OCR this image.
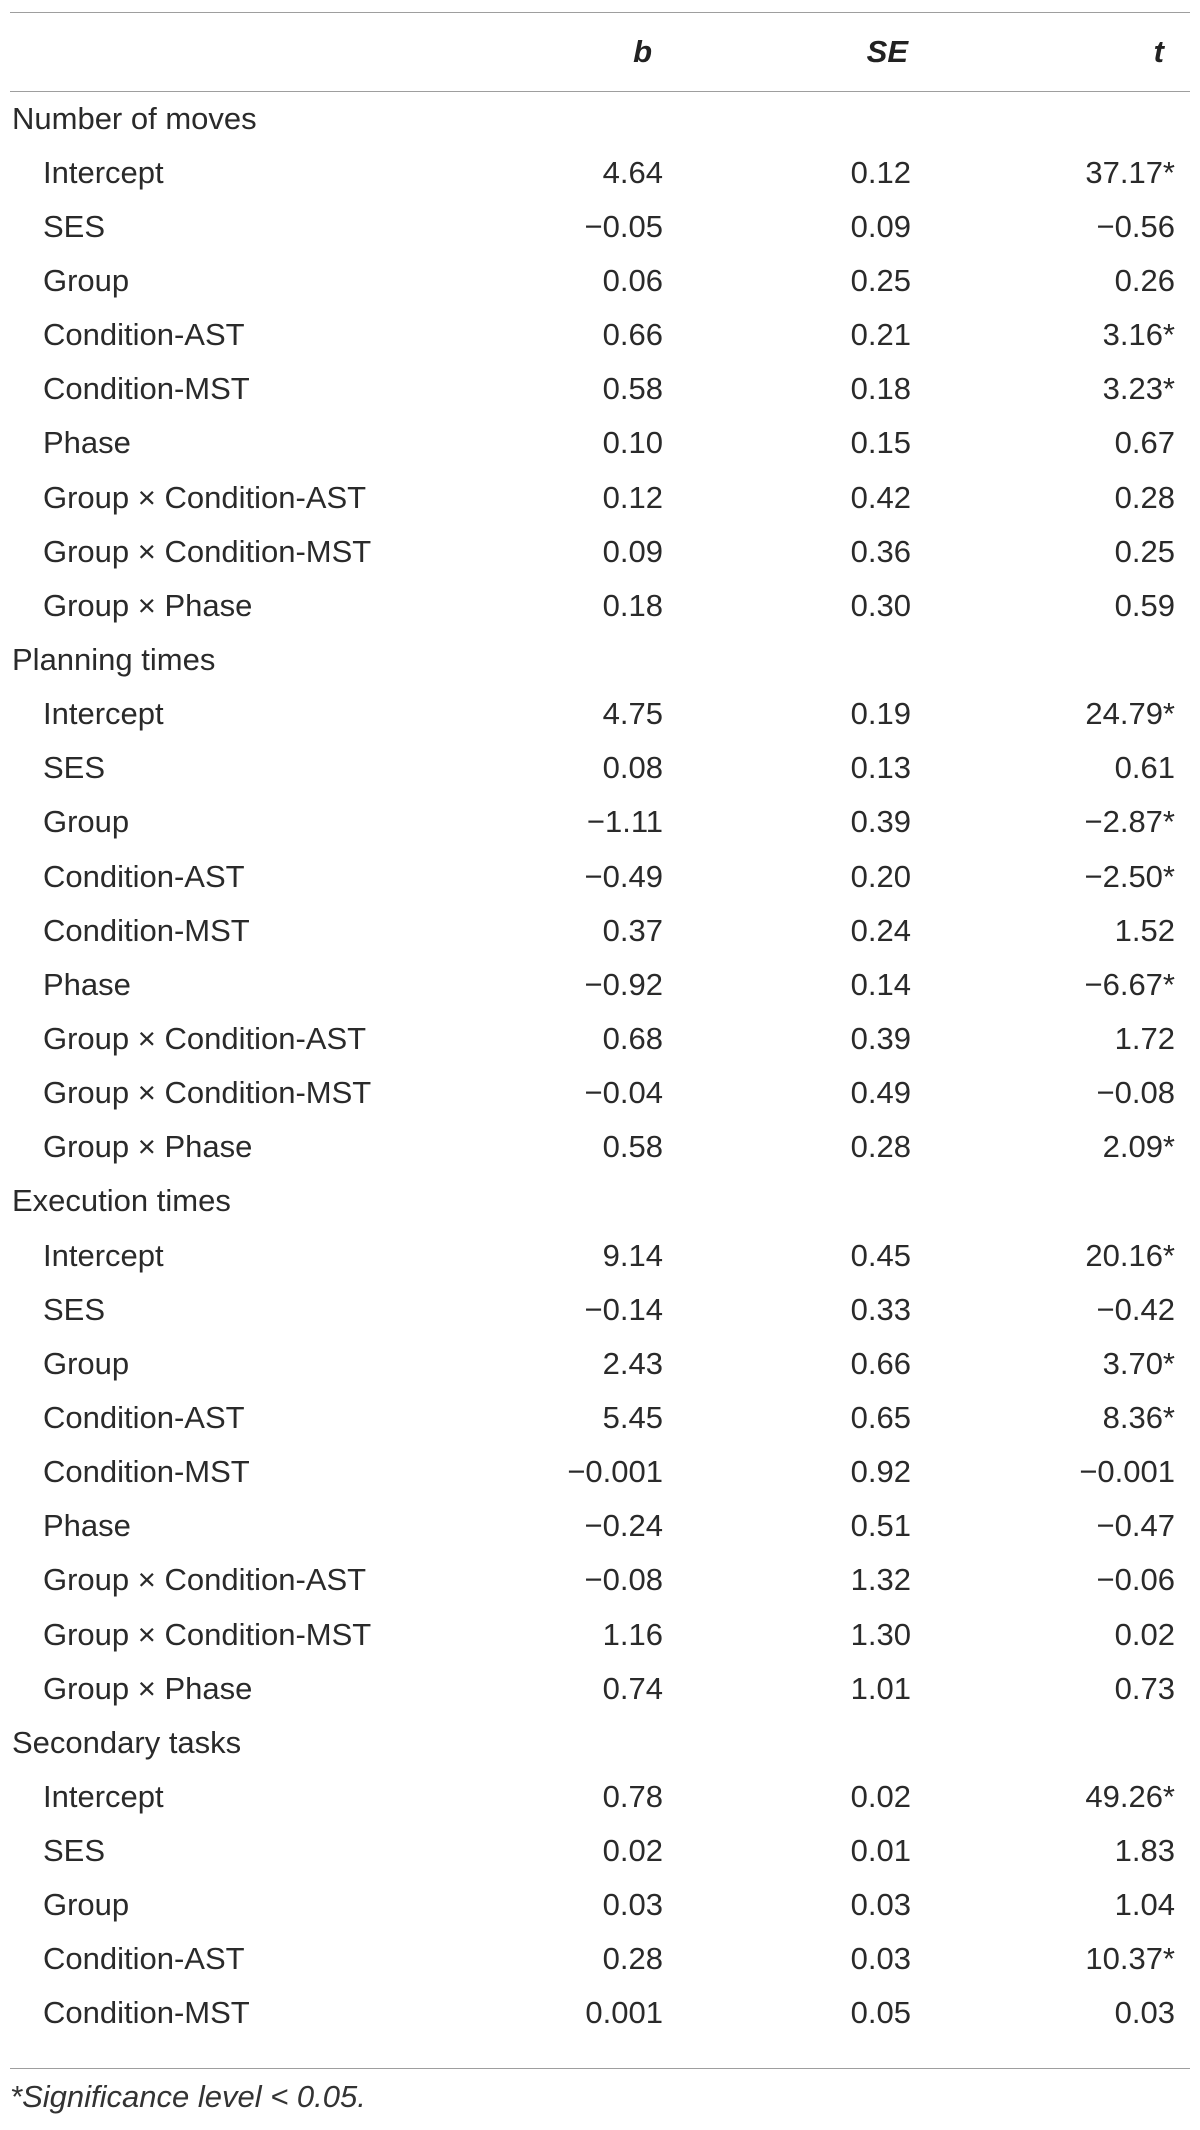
	b	SE	t
Number of moves			
Intercept	4.64	0.12	37.17*
SES	−0.05	0.09	−0.56
Group	0.06	0.25	0.26
Condition-AST	0.66	0.21	3.16*
Condition-MST	0.58	0.18	3.23*
Phase	0.10	0.15	0.67
Group × Condition-AST	0.12	0.42	0.28
Group × Condition-MST	0.09	0.36	0.25
Group × Phase	0.18	0.30	0.59
Planning times			
Intercept	4.75	0.19	24.79*
SES	0.08	0.13	0.61
Group	−1.11	0.39	−2.87*
Condition-AST	−0.49	0.20	−2.50*
Condition-MST	0.37	0.24	1.52
Phase	−0.92	0.14	−6.67*
Group × Condition-AST	0.68	0.39	1.72
Group × Condition-MST	−0.04	0.49	−0.08
Group × Phase	0.58	0.28	2.09*
Execution times			
Intercept	9.14	0.45	20.16*
SES	−0.14	0.33	−0.42
Group	2.43	0.66	3.70*
Condition-AST	5.45	0.65	8.36*
Condition-MST	−0.001	0.92	−0.001
Phase	−0.24	0.51	−0.47
Group × Condition-AST	−0.08	1.32	−0.06
Group × Condition-MST	1.16	1.30	0.02
Group × Phase	0.74	1.01	0.73
Secondary tasks			
Intercept	0.78	0.02	49.26*
SES	0.02	0.01	1.83
Group	0.03	0.03	1.04
Condition-AST	0.28	0.03	10.37*
Condition-MST	0.001	0.05	0.03
*Significance level < 0.05.
